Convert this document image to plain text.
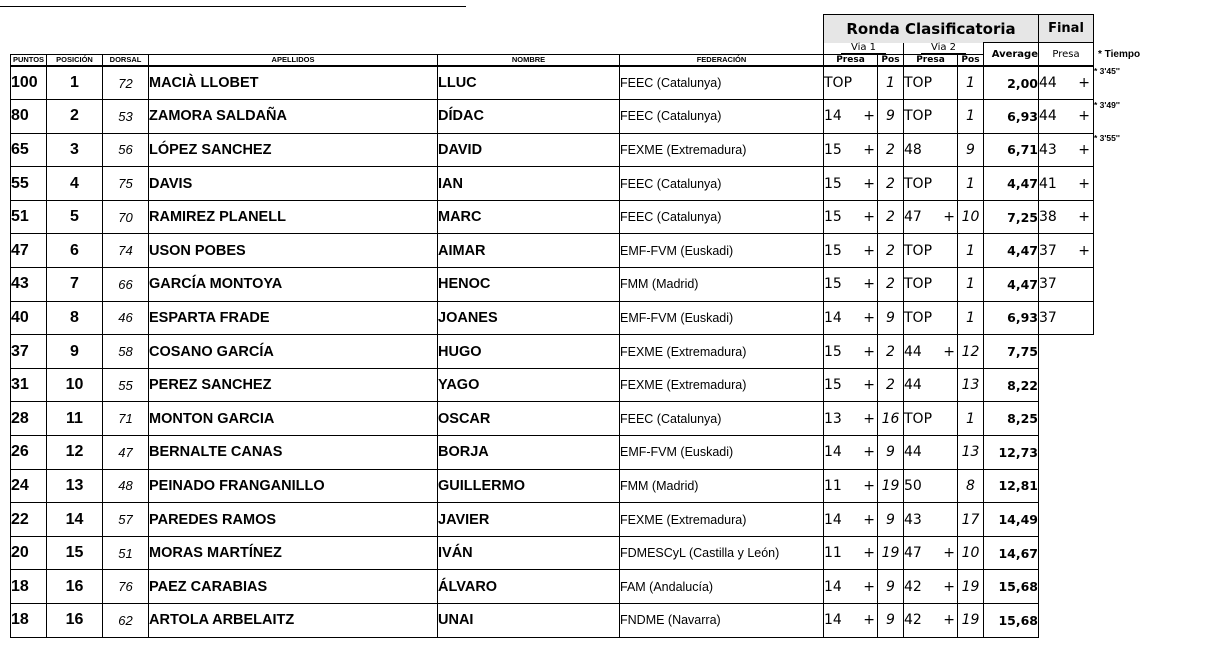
						Ronda Clasificatoria					Final	
						Via 1		Via 2		Average	Presa	* Tiempo
PUNTOS	POSICIÓN	DORSAL	APELLIDOS	NOMBRE	FEDERACIÓN	Presa	Pos	Presa	Pos			
100	1	72	MACIÀ LLOBET	LLUC	FEEC (Catalunya)	TOP	1	TOP	1	2,00	44 +	* 3'45''
80	2	53	ZAMORA SALDAÑA	DÍDAC	FEEC (Catalunya)	14 +	9	TOP	1	6,93	44 +	* 3'49''
65	3	56	LÓPEZ SANCHEZ	DAVID	FEXME (Extremadura)	15 +	2	48	9	6,71	43 +	* 3'55''
55	4	75	DAVIS	IAN	FEEC (Catalunya)	15 +	2	TOP	1	4,47	41 +	

51	5	70	RAMIREZ PLANELL	MARC	FEEC (Catalunya)	15 +	2	47 +	10	7,25	38 +	

47	6	74	USON POBES	AIMAR	EMF-FVM (Euskadi)	15 +	2	TOP	1	4,47	37 +	

43	7	66	GARCÍA MONTOYA	HENOC	FMM (Madrid)	15 +	2	TOP	1	4,47	37

40	8	46	ESPARTA FRADE	JOANES	EMF-FVM (Euskadi)	14 +	9	TOP	1	6,93	37

37	9	58	COSANO GARCÍA	HUGO	FEXME (Extremadura)	15 +	2	44 +	12	7,75		
31	10	55	PEREZ SANCHEZ	YAGO	FEXME (Extremadura)	15 +	2	44	13	8,22		
28	11	71	MONTON GARCIA	OSCAR	FEEC (Catalunya)	13 +	16	TOP	1	8,25		
26	12	47	BERNALTE CANAS	BORJA	EMF-FVM (Euskadi)	14 +	9	44	13	12,73		
24	13	48	PEINADO FRANGANILLO	GUILLERMO	FMM (Madrid)	11 +	19	50	8	12,81		
22	14	57	PAREDES RAMOS	JAVIER	FEXME (Extremadura)	14 +	9	43	17	14,49		
20	15	51	MORAS MARTÍNEZ	IVÁN	FDMESCyL (Castilla y León)	11 +	19	47 +	10	14,67		
18	16	76	PAEZ CARABIAS	ÁLVARO	FAM (Andalucía)	14 +	9	42 +	19	15,68		
18	16	62	ARTOLA ARBELAITZ	UNAI	FNDME (Navarra)	14 +	9	42 +	19	15,68		
